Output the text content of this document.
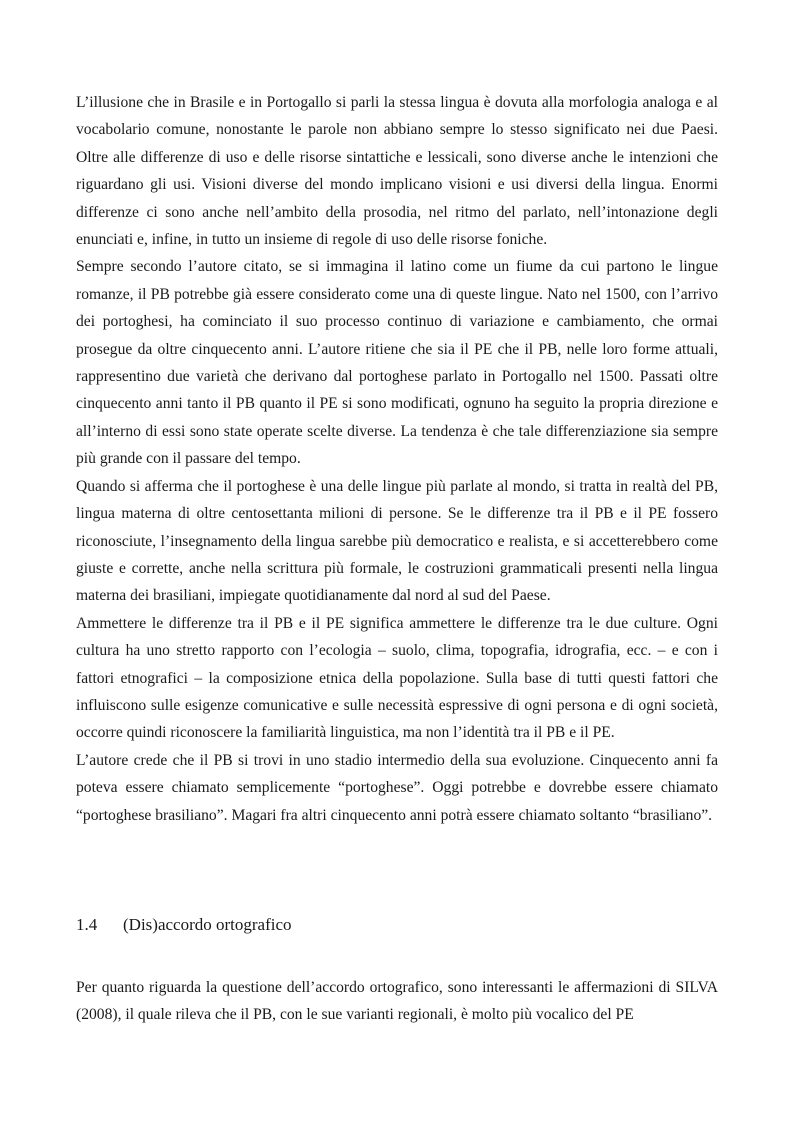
L’illusione che in Brasile e in Portogallo si parli la stessa lingua è dovuta alla morfologia analoga e al vocabolario comune, nonostante le parole non abbiano sempre lo stesso significato nei due Paesi. Oltre alle differenze di uso e delle risorse sintattiche e lessicali, sono diverse anche le intenzioni che riguardano gli usi. Visioni diverse del mondo implicano visioni e usi diversi della lingua. Enormi differenze ci sono anche nell’ambito della prosodia, nel ritmo del parlato, nell’intonazione degli enunciati e, infine, in tutto un insieme di regole di uso delle risorse foniche.

Sempre secondo l’autore citato, se si immagina il latino come un fiume da cui partono le lingue romanze, il PB potrebbe già essere considerato come una di queste lingue. Nato nel 1500, con l’arrivo dei portoghesi, ha cominciato il suo processo continuo di variazione e cambiamento, che ormai prosegue da oltre cinquecento anni. L’autore ritiene che sia il PE che il PB, nelle loro forme attuali, rappresentino due varietà che derivano dal portoghese parlato in Portogallo nel 1500. Passati oltre cinquecento anni tanto il PB quanto il PE si sono modificati, ognuno ha seguito la propria direzione e all’interno di essi sono state operate scelte diverse. La tendenza è che tale differenziazione sia sempre più grande con il passare del tempo.

Quando si afferma che il portoghese è una delle lingue più parlate al mondo, si tratta in realtà del PB, lingua materna di oltre centosettanta milioni di persone. Se le differenze tra il PB e il PE fossero riconosciute, l’insegnamento della lingua sarebbe più democratico e realista, e si accetterebbero come giuste e corrette, anche nella scrittura più formale, le costruzioni grammaticali presenti nella lingua materna dei brasiliani, impiegate quotidianamente dal nord al sud del Paese.

Ammettere le differenze tra il PB e il PE significa ammettere le differenze tra le due culture. Ogni cultura ha uno stretto rapporto con l’ecologia – suolo, clima, topografia, idrografia, ecc. – e con i fattori etnografici – la composizione etnica della popolazione. Sulla base di tutti questi fattori che influiscono sulle esigenze comunicative e sulle necessità espressive di ogni persona e di ogni società, occorre quindi riconoscere la familiarità linguistica, ma non l’identità tra il PB e il PE.

L’autore crede che il PB si trovi in uno stadio intermedio della sua evoluzione. Cinquecento anni fa poteva essere chiamato semplicemente “portoghese”. Oggi potrebbe e dovrebbe essere chiamato “portoghese brasiliano”. Magari fra altri cinquecento anni potrà essere chiamato soltanto “brasiliano”.

1.4 (Dis)accordo ortografico

Per quanto riguarda la questione dell’accordo ortografico, sono interessanti le affermazioni di SILVA (2008), il quale rileva che il PB, con le sue varianti regionali, è molto più vocalico del PE
